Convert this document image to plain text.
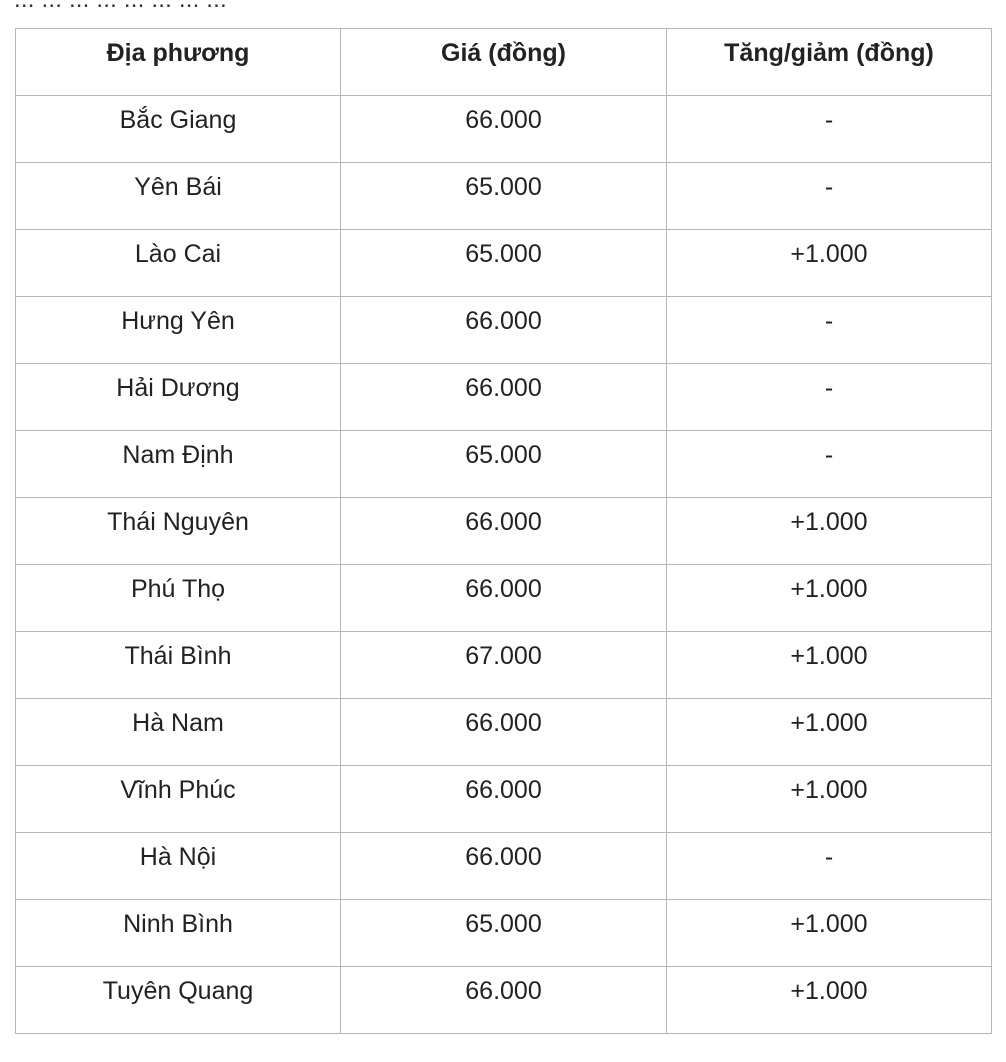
Địa phương	Giá (đồng)	Tăng/giảm (đồng)
Bắc Giang	66.000	-
Yên Bái	65.000	-
Lào Cai	65.000	+1.000
Hưng Yên	66.000	-
Hải Dương	66.000	-
Nam Định	65.000	-
Thái Nguyên	66.000	+1.000
Phú Thọ	66.000	+1.000
Thái Bình	67.000	+1.000
Hà Nam	66.000	+1.000
Vĩnh Phúc	66.000	+1.000
Hà Nội	66.000	-
Ninh Bình	65.000	+1.000
Tuyên Quang	66.000	+1.000
